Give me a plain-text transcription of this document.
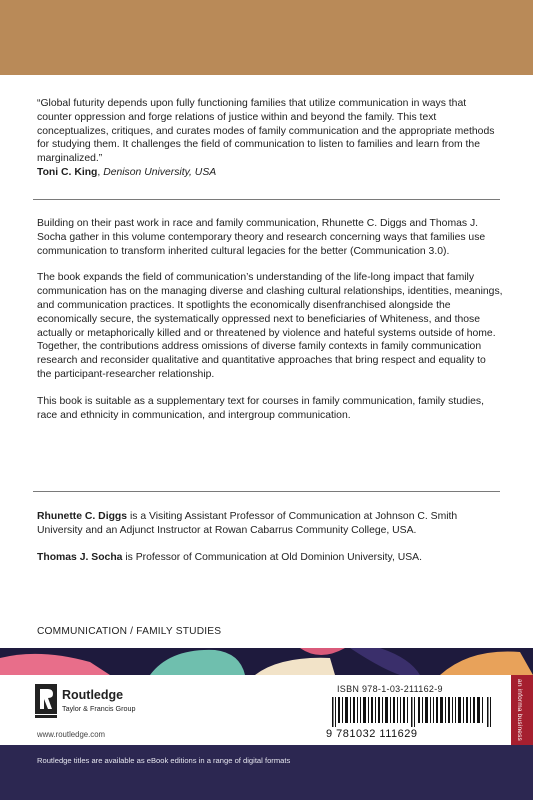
“Global futurity depends upon fully functioning families that utilize communication in ways that counter oppression and forge relations of justice within and beyond the family. This text conceptualizes, critiques, and curates modes of family communication and the appropriate methods for studying them. It challenges the field of communication to listen to families and learn from the marginalized.”

Toni C. King, Denison University, USA

Building on their past work in race and family communication, Rhunette C. Diggs and Thomas J. Socha gather in this volume contemporary theory and research concerning ways that families use communication to transform inherited cultural legacies for the better (Communication 3.0).

The book expands the field of communication’s understanding of the life-long impact that family communication has on the managing diverse and clashing cultural relationships, identities, meanings, and communication practices. It spotlights the economically disenfranchised alongside the economically secure, the systematically oppressed next to beneficiaries of Whiteness, and those actually or metaphorically killed and or threatened by violence and hateful systems outside of home. Together, the contributions address omissions of diverse family contexts in family communication research and reconsider qualitative and quantitative approaches that bring respect and equality to the participant-researcher relationship.

This book is suitable as a supplementary text for courses in family communication, family studies, race and ethnicity in communication, and intergroup communication.

Rhunette C. Diggs is a Visiting Assistant Professor of Communication at Johnson C. Smith University and an Adjunct Instructor at Rowan Cabarrus Community College, USA.

Thomas J. Socha is Professor of Communication at Old Dominion University, USA.

COMMUNICATION / FAMILY STUDIES
Routledge
Taylor & Francis Group
www.routledge.com
ISBN 978-1-03-211162-9
9 781032 111629	an informa business
Routledge titles are available as eBook editions in a range of digital formats
